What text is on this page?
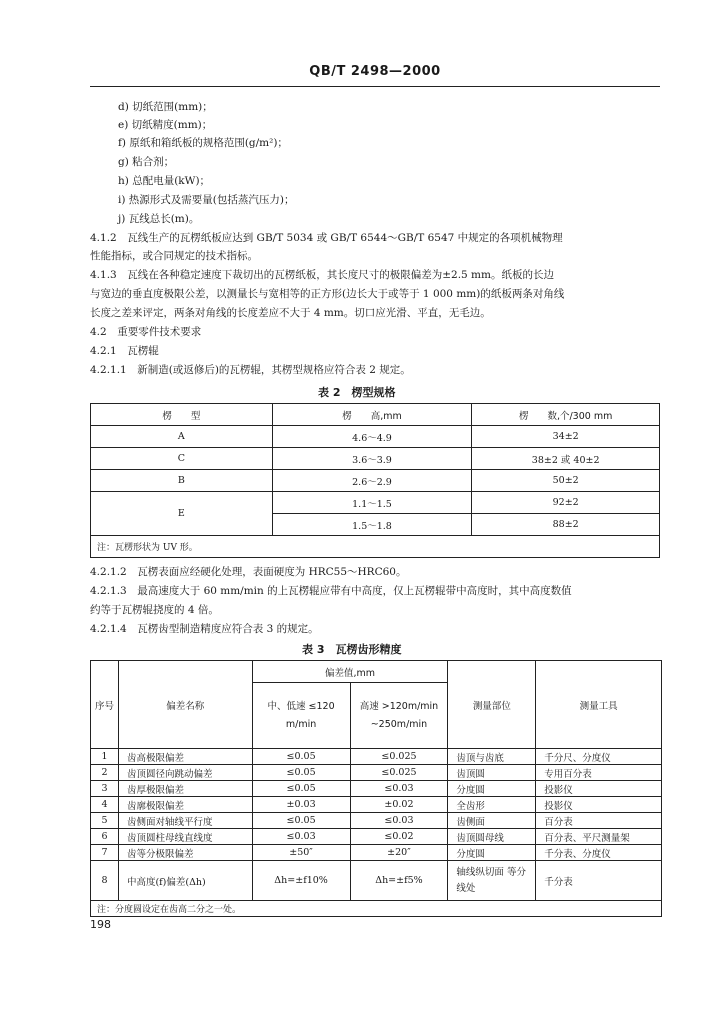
QB/T 2498—2000
d) 切纸范围(mm)；
e) 切纸精度(mm)；
f) 原纸和箱纸板的规格范围(g/m²)；
g) 粘合剂；
h) 总配电量(kW)；
i) 热源形式及需要量(包括蒸汽压力)；
j) 瓦线总长(m)。
4.1.2　瓦线生产的瓦楞纸板应达到 GB/T 5034 或 GB/T 6544～GB/T 6547 中规定的各项机械物理
性能指标，或合同规定的技术指标。
4.1.3　瓦线在各种稳定速度下裁切出的瓦楞纸板，其长度尺寸的极限偏差为±2.5 mm。纸板的长边
与宽边的垂直度极限公差，以测量长与宽相等的正方形(边长大于或等于 1 000 mm)的纸板两条对角线
长度之差来评定，两条对角线的长度差应不大于 4 mm。切口应光滑、平直，无毛边。
4.2　重要零件技术要求
4.2.1　瓦楞辊
4.2.1.1　新制造(或返修后)的瓦楞辊，其楞型规格应符合表 2 规定。
表 2　楞型规格
楞　　型	楞　　高,mm	楞　　数,个/300 mm
A	4.6～4.9	34±2
C	3.6～3.9	38±2 或 40±2
B	2.6～2.9	50±2
E	1.1～1.5	92±2
	1.5～1.8	88±2
注：瓦楞形状为 UV 形。		
4.2.1.2　瓦楞表面应经硬化处理，表面硬度为 HRC55～HRC60。
4.2.1.3　最高速度大于 60 mm/min 的上瓦楞辊应带有中高度，仅上瓦楞辊带中高度时，其中高度数值
约等于瓦楞辊挠度的 4 倍。
4.2.1.4　瓦楞齿型制造精度应符合表 3 的规定。
表 3　瓦楞齿形精度
序号	偏差名称	偏差值,mm		测量部位	测量工具
		中、低速 ≤120 m/min	高速 >120m/min ~250m/min		
1	齿高极限偏差	≤0.05	≤0.025	齿顶与齿底	千分尺、分度仪
2	齿顶圆径向跳动偏差	≤0.05	≤0.025	齿顶圆	专用百分表
3	齿厚极限偏差	≤0.05	≤0.03	分度圆	投影仪
4	齿廓极限偏差	±0.03	±0.02	全齿形	投影仪
5	齿侧面对轴线平行度	≤0.05	≤0.03	齿侧面	百分表
6	齿顶圆柱母线直线度	≤0.03	≤0.02	齿顶圆母线	百分表、平尺测量架
7	齿等分极限偏差	±50″	±20″	分度圆	千分表、分度仪
8	中高度(f)偏差(Δh)	Δh=±f10%	Δh=±f5%	轴线纵切面 等分线处	千分表
注：分度圆设定在齿高二分之一处。					
198
